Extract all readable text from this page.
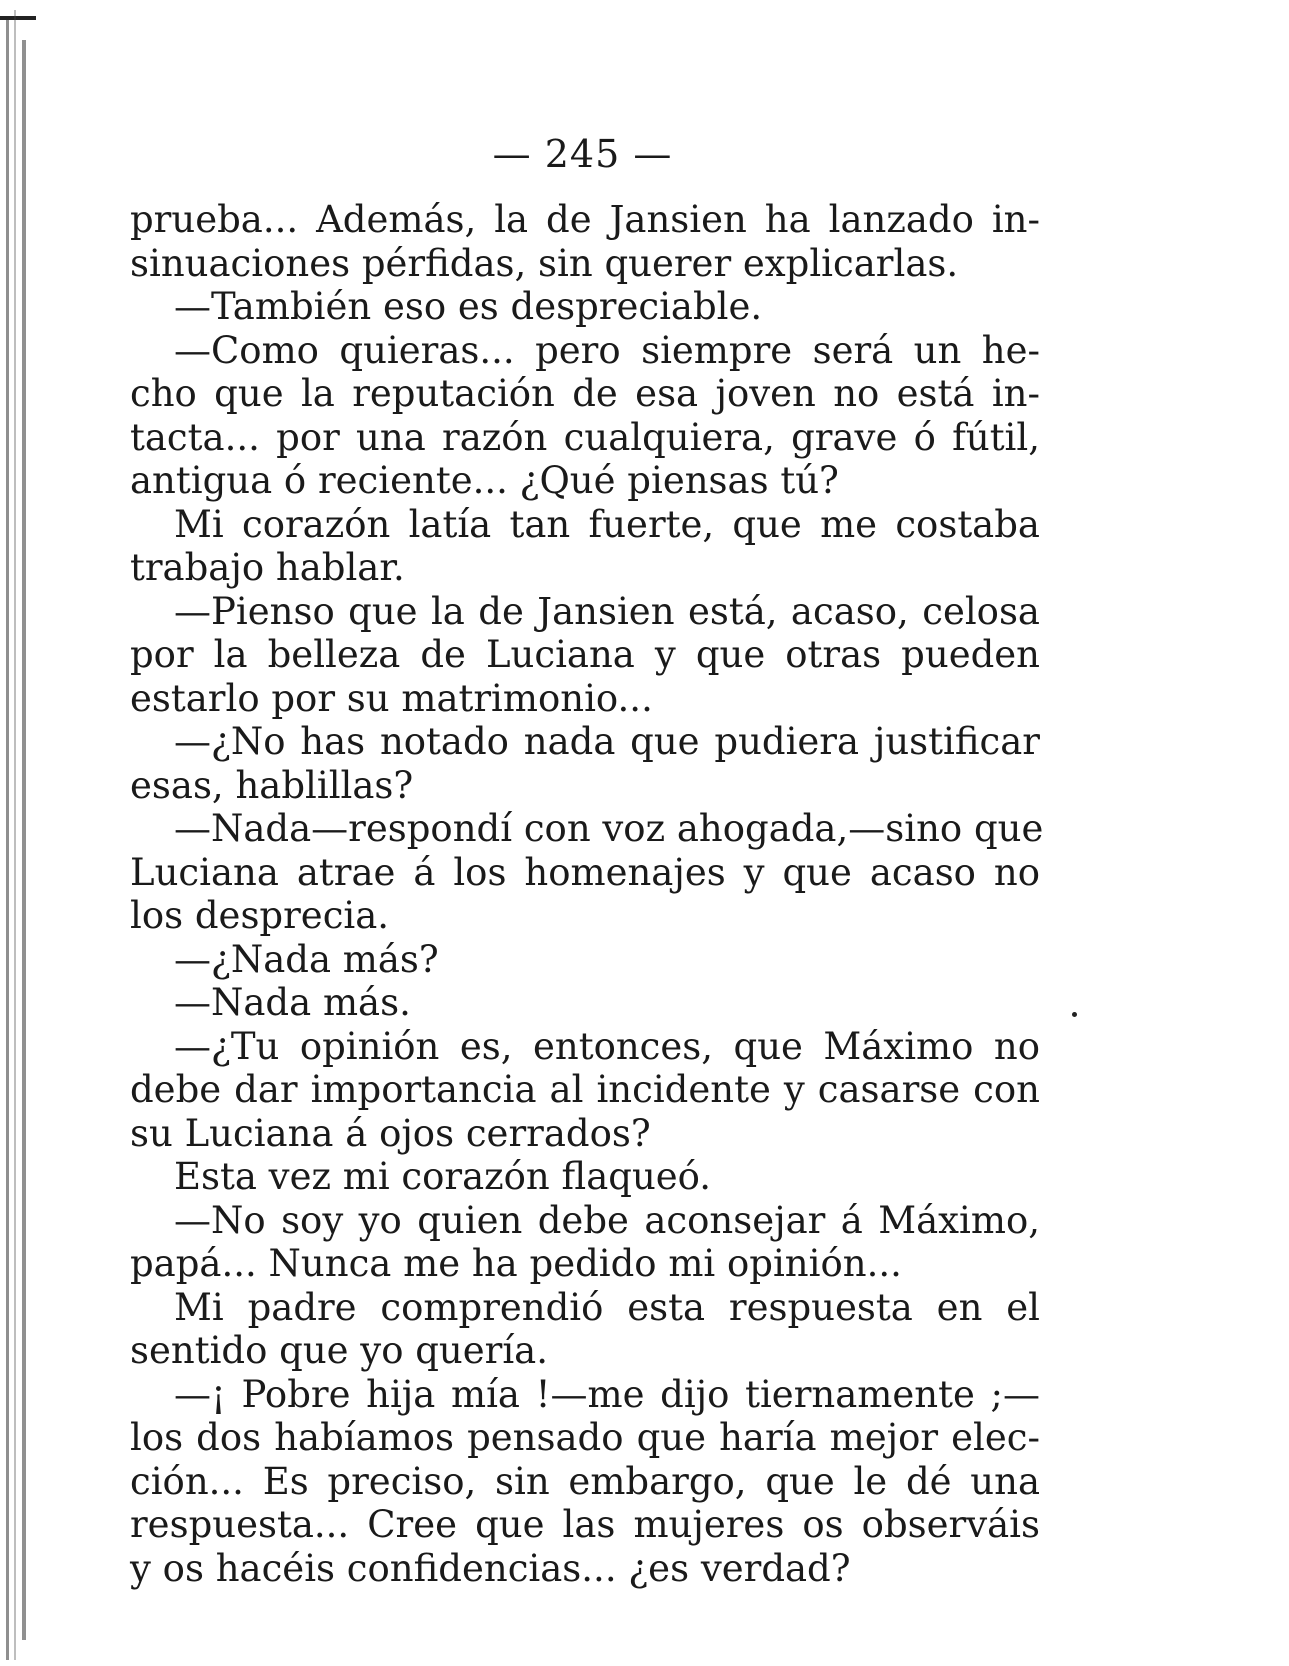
— 245 —
prueba... Además, la de Jansien ha lanzado in-
sinuaciones pérfidas, sin querer explicarlas.
—También eso es despreciable.
—Como quieras... pero siempre será un he-
cho que la reputación de esa joven no está in-
tacta... por una razón cualquiera, grave ó fútil,
antigua ó reciente... ¿Qué piensas tú?
Mi corazón latía tan fuerte, que me costaba
trabajo hablar.
—Pienso que la de Jansien está, acaso, celosa
por la belleza de Luciana y que otras pueden
estarlo por su matrimonio...
—¿No has notado nada que pudiera justificar
esas, hablillas?
—Nada—respondí con voz ahogada,—sino que
Luciana atrae á los homenajes y que acaso no
los desprecia.
—¿Nada más?
—Nada más.
—¿Tu opinión es, entonces, que Máximo no
debe dar importancia al incidente y casarse con
su Luciana á ojos cerrados?
Esta vez mi corazón flaqueó.
—No soy yo quien debe aconsejar á Máximo,
papá... Nunca me ha pedido mi opinión...
Mi padre comprendió esta respuesta en el
sentido que yo quería.
—¡ Pobre hija mía !—me dijo tiernamente ;—
los dos habíamos pensado que haría mejor elec-
ción... Es preciso, sin embargo, que le dé una
respuesta... Cree que las mujeres os observáis
y os hacéis confidencias... ¿es verdad?
